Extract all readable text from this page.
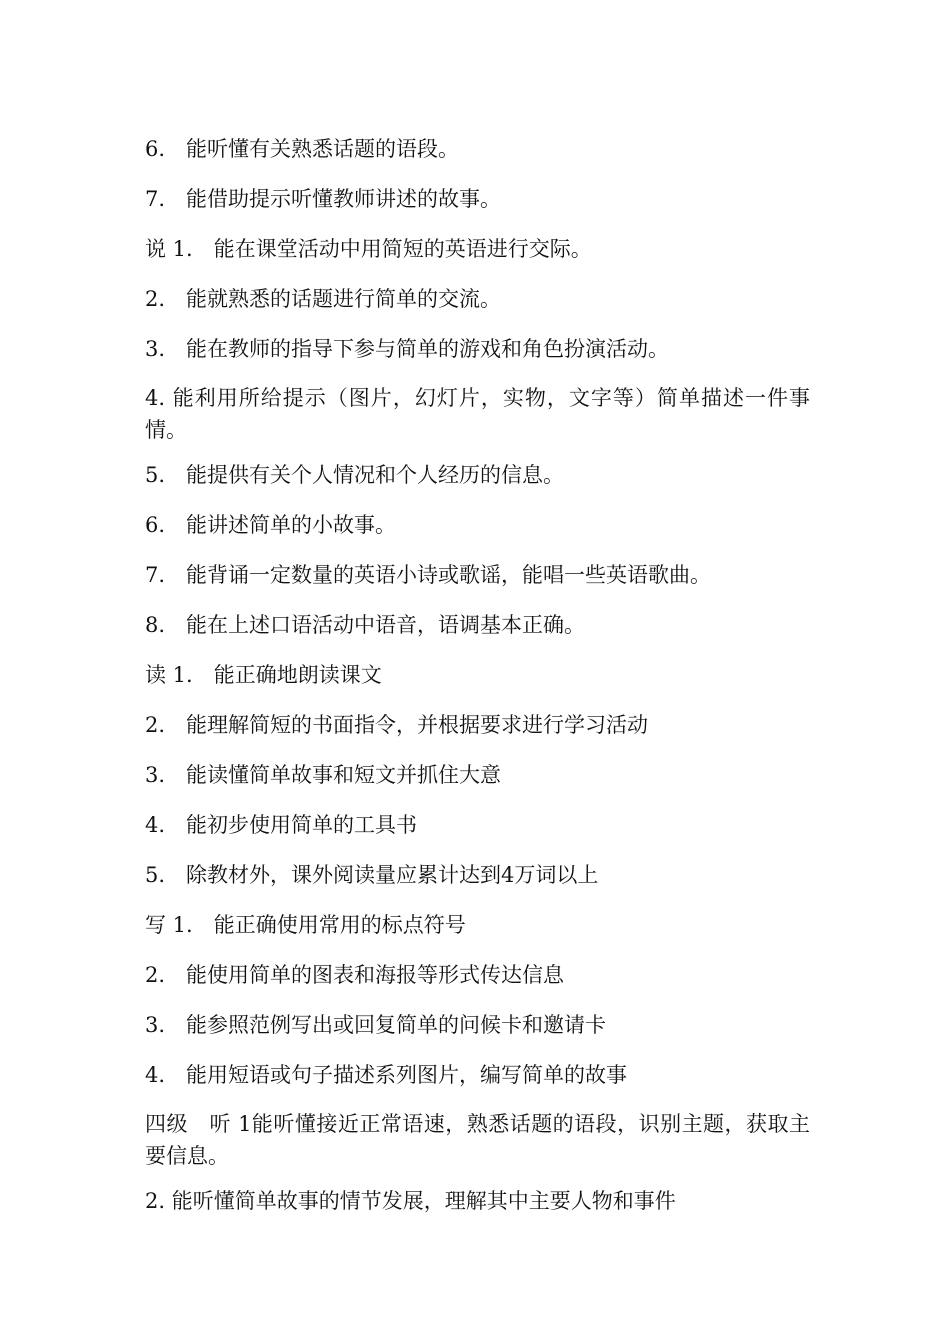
6.　能听懂有关熟悉话题的语段。
7.　能借助提示听懂教师讲述的故事。
说 1.　能在课堂活动中用简短的英语进行交际。
2.　能就熟悉的话题进行简单的交流。
3.　能在教师的指导下参与简单的游戏和角色扮演活动。
4. 能利用所给提示（图片，幻灯片，实物，文字等）简单描述一件事情。
5.　能提供有关个人情况和个人经历的信息。
6.　能讲述简单的小故事。
7.　能背诵一定数量的英语小诗或歌谣，能唱一些英语歌曲。
8.　能在上述口语活动中语音，语调基本正确。
读 1.　能正确地朗读课文
2.　能理解简短的书面指令，并根据要求进行学习活动
3.　能读懂简单故事和短文并抓住大意
4.　能初步使用简单的工具书
5.　除教材外，课外阅读量应累计达到4万词以上
写 1.　能正确使用常用的标点符号
2.　能使用简单的图表和海报等形式传达信息
3.　能参照范例写出或回复简单的问候卡和邀请卡
4.　能用短语或句子描述系列图片，编写简单的故事
四级　听 1能听懂接近正常语速，熟悉话题的语段，识别主题，获取主要信息。
2. 能听懂简单故事的情节发展，理解其中主要人物和事件
